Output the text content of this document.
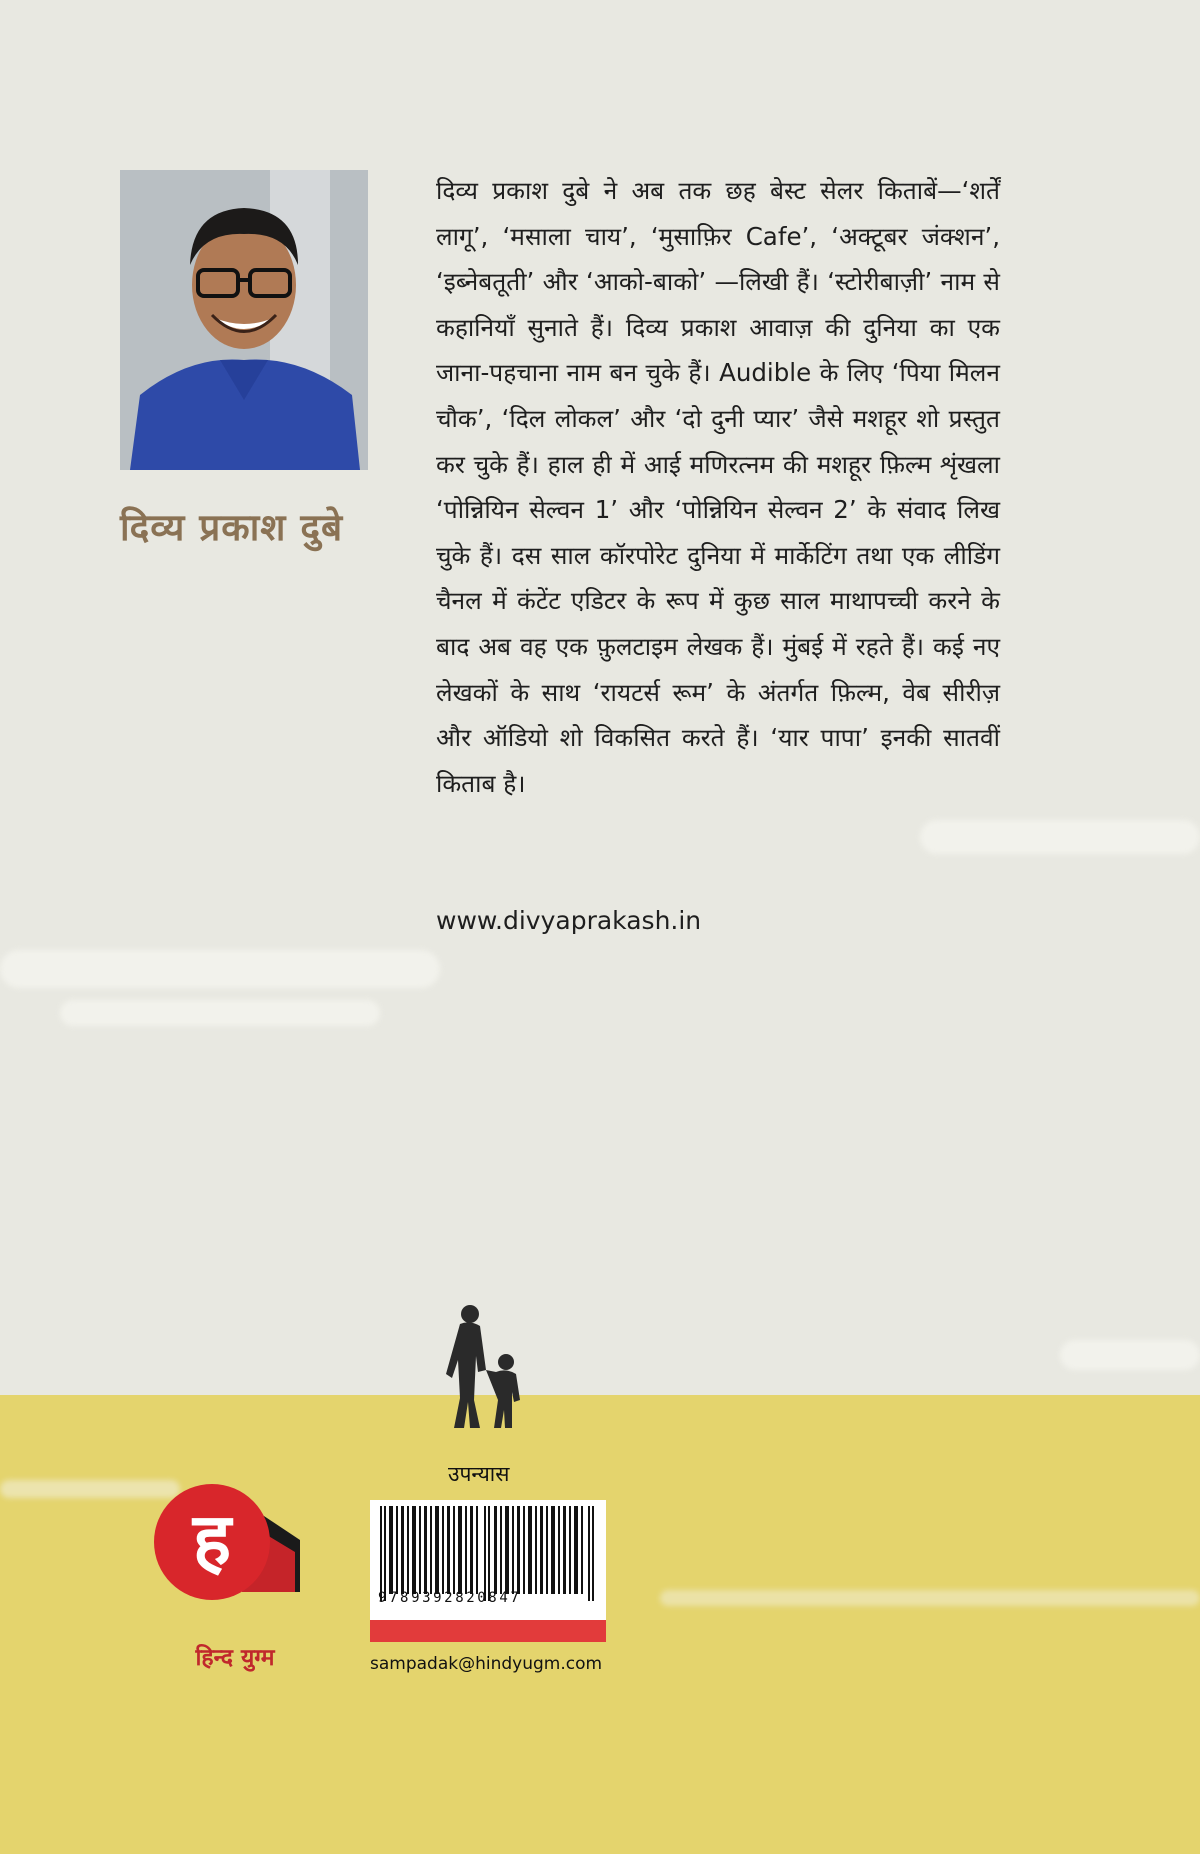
दिव्य प्रकाश दुबे
दिव्य प्रकाश दुबे ने अब तक छह बेस्ट सेलर किताबें—‘शर्तें लागू’, ‘मसाला चाय’, ‘मुसाफ़िर Cafe’, ‘अक्टूबर जंक्शन’, ‘इब्नेबतूती’ और ‘आको-बाको’ —लिखी हैं। ‘स्टोरीबाज़ी’ नाम से कहानियाँ सुनाते हैं। दिव्य प्रकाश आवाज़ की दुनिया का एक जाना-पहचाना नाम बन चुके हैं। Audible के लिए ‘पिया मिलन चौक’, ‘दिल लोकल’ और ‘दो दुनी प्यार’ जैसे मशहूर शो प्रस्तुत कर चुके हैं। हाल ही में आई मणिरत्नम की मशहूर फ़िल्म शृंखला ‘पोन्नियिन सेल्वन 1’ और ‘पोन्नियिन सेल्वन 2’ के संवाद लिख चुके हैं। दस साल कॉरपोरेट दुनिया में मार्केटिंग तथा एक लीडिंग चैनल में कंटेंट एडिटर के रूप में कुछ साल माथापच्ची करने के बाद अब वह एक फ़ुलटाइम लेखक हैं। मुंबई में रहते हैं। कई नए लेखकों के साथ ‘रायटर्स रूम’ के अंतर्गत फ़िल्म, वेब सीरीज़ और ऑडियो शो विकसित करते हैं। ‘यार पापा’ इनकी सातवीं किताब है।
www.divyaprakash.in
उपन्यास
9789392820847
sampadak@hindyugm.com
ह
हिन्द युग्म
